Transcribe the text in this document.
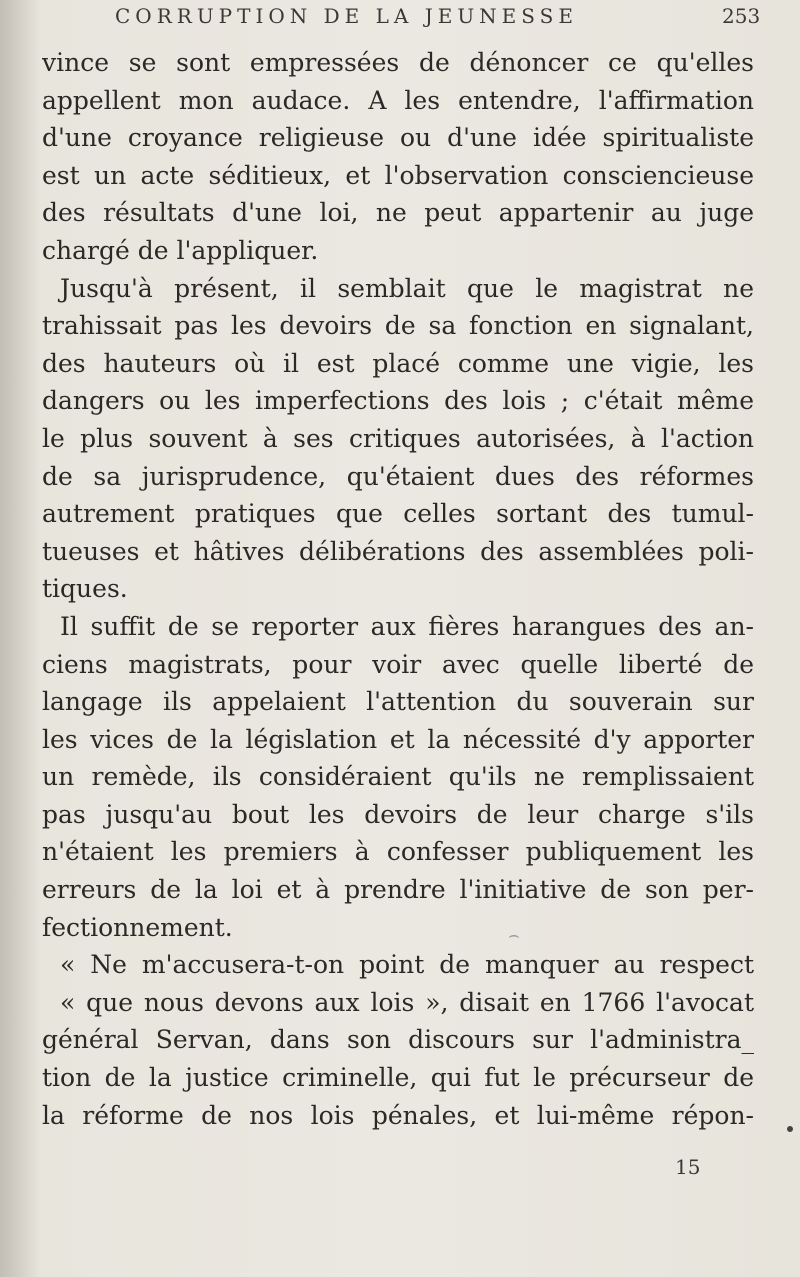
CORRUPTION DE LA JEUNESSE	253
vince se sont empressées de dénoncer ce qu'elles
appellent mon audace. A les entendre, l'affirmation
d'une croyance religieuse ou d'une idée spiritualiste
est un acte séditieux, et l'observation consciencieuse
des résultats d'une loi, ne peut appartenir au juge
chargé de l'appliquer.
Jusqu'à présent, il semblait que le magistrat ne
trahissait pas les devoirs de sa fonction en signalant,
des hauteurs où il est placé comme une vigie, les
dangers ou les imperfections des lois ; c'était même
le plus souvent à ses critiques autorisées, à l'action
de sa jurisprudence, qu'étaient dues des réformes
autrement pratiques que celles sortant des tumul-
tueuses et hâtives délibérations des assemblées poli-
tiques.
Il suffit de se reporter aux fières harangues des an-
ciens magistrats, pour voir avec quelle liberté de
langage ils appelaient l'attention du souverain sur
les vices de la législation et la nécessité d'y apporter
un remède, ils considéraient qu'ils ne remplissaient
pas jusqu'au bout les devoirs de leur charge s'ils
n'étaient les premiers à confesser publiquement les
erreurs de la loi et à prendre l'initiative de son per-
fectionnement.
« Ne m'accusera-t-on point de manquer au respect
« que nous devons aux lois », disait en 1766 l'avocat
général Servan, dans son discours sur l'administra_
tion de la justice criminelle, qui fut le précurseur de
la réforme de nos lois pénales, et lui-même répon-
⌢
15
